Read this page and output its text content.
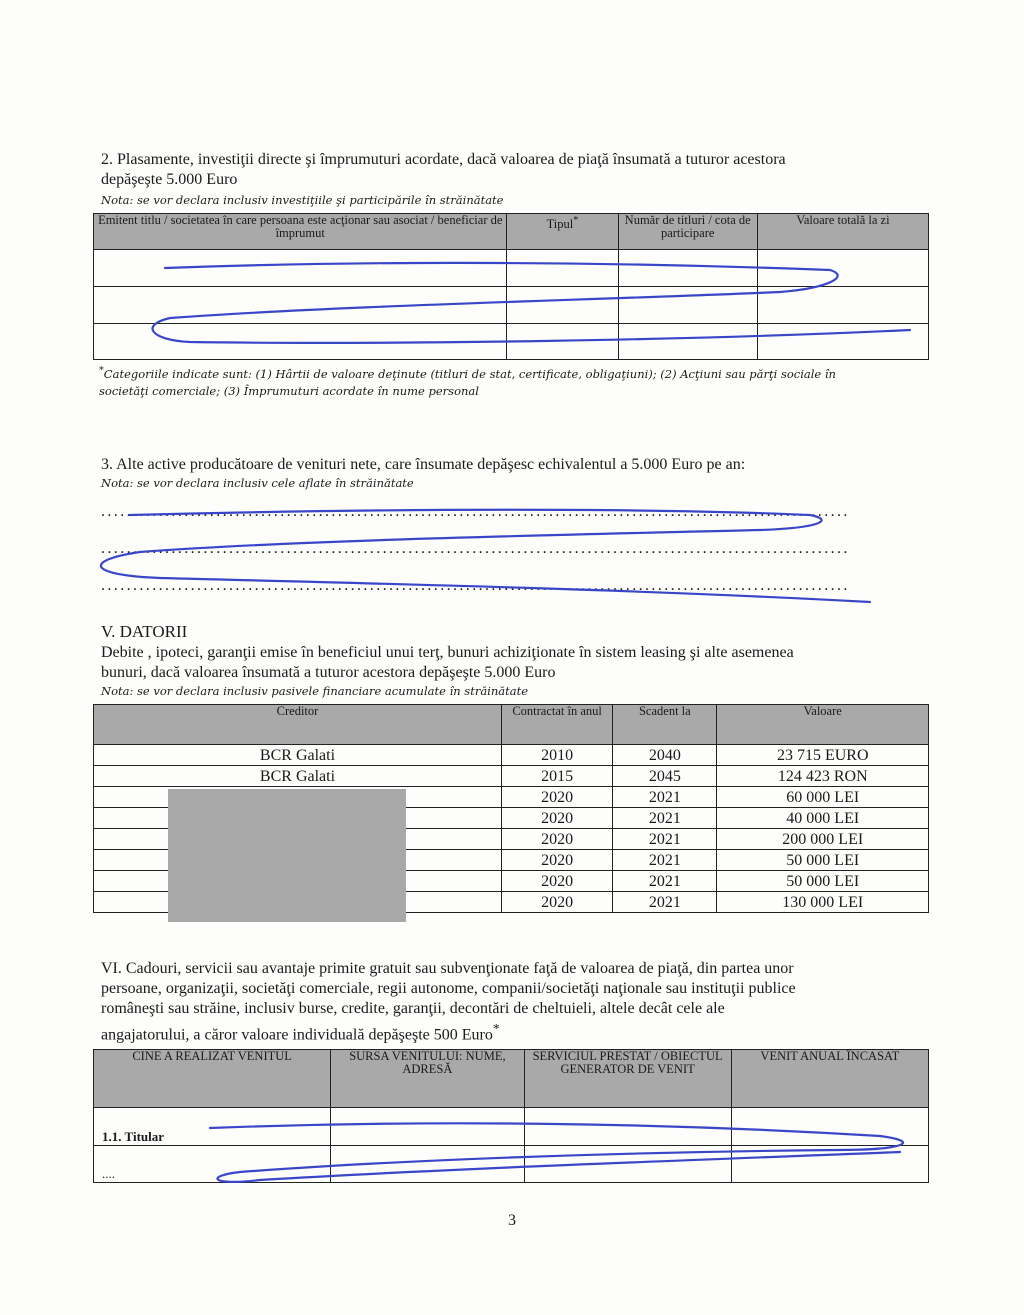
2. Plasamente, investiţii directe şi împrumuturi acordate, dacă valoarea de piaţă însumată a tuturor acestora
depăşeşte 5.000 Euro
Nota: se vor declara inclusiv investiţiile şi participările în străinătate
Emitent titlu / societatea în care persoana este acţionar sau asociat / beneficiar de împrumut	Tipul*	Număr de titluri / cota de participare	Valoare totală la zi

*Categoriile indicate sunt: (1) Hârtii de valoare deţinute (titluri de stat, certificate, obligaţiuni); (2) Acţiuni sau părţi sociale în
societăţi comerciale; (3) Împrumuturi acordate în nume personal
3. Alte active producătoare de venituri nete, care însumate depăşesc echivalentul a 5.000 Euro pe an:
Nota: se vor declara inclusiv cele aflate în străinătate
.....................................................................................................................
.....................................................................................................................
.....................................................................................................................
V. DATORII
Debite , ipoteci, garanţii emise în beneficiul unui terţ, bunuri achiziţionate în sistem leasing şi alte asemenea
bunuri, dacă valoarea însumată a tuturor acestora depăşeşte 5.000 Euro
Nota: se vor declara inclusiv pasivele financiare acumulate în străinătate
Creditor	Contractat în anul	Scadent la	Valoare
BCR Galati	2010	2040	23 715 EURO
BCR Galati	2015	2045	124 423 RON
	2020	2021	60 000 LEI
	2020	2021	40 000 LEI
	2020	2021	200 000 LEI
	2020	2021	50 000 LEI
	2020	2021	50 000 LEI
	2020	2021	130 000 LEI
VI. Cadouri, servicii sau avantaje primite gratuit sau subvenţionate faţă de valoarea de piaţă, din partea unor
persoane, organizaţii, societăţi comerciale, regii autonome, companii/societăţi naţionale sau instituţii publice
româneşti sau străine, inclusiv burse, credite, garanţii, decontări de cheltuieli, altele decât cele ale
angajatorului, a căror valoare individuală depăşeşte 500 Euro*
CINE A REALIZAT VENITUL	SURSA VENITULUI: NUME, ADRESĂ	SERVICIUL PRESTAT / OBIECTUL GENERATOR DE VENIT	VENIT ANUAL ÎNCASAT
1.1. Titular			
....			
3
